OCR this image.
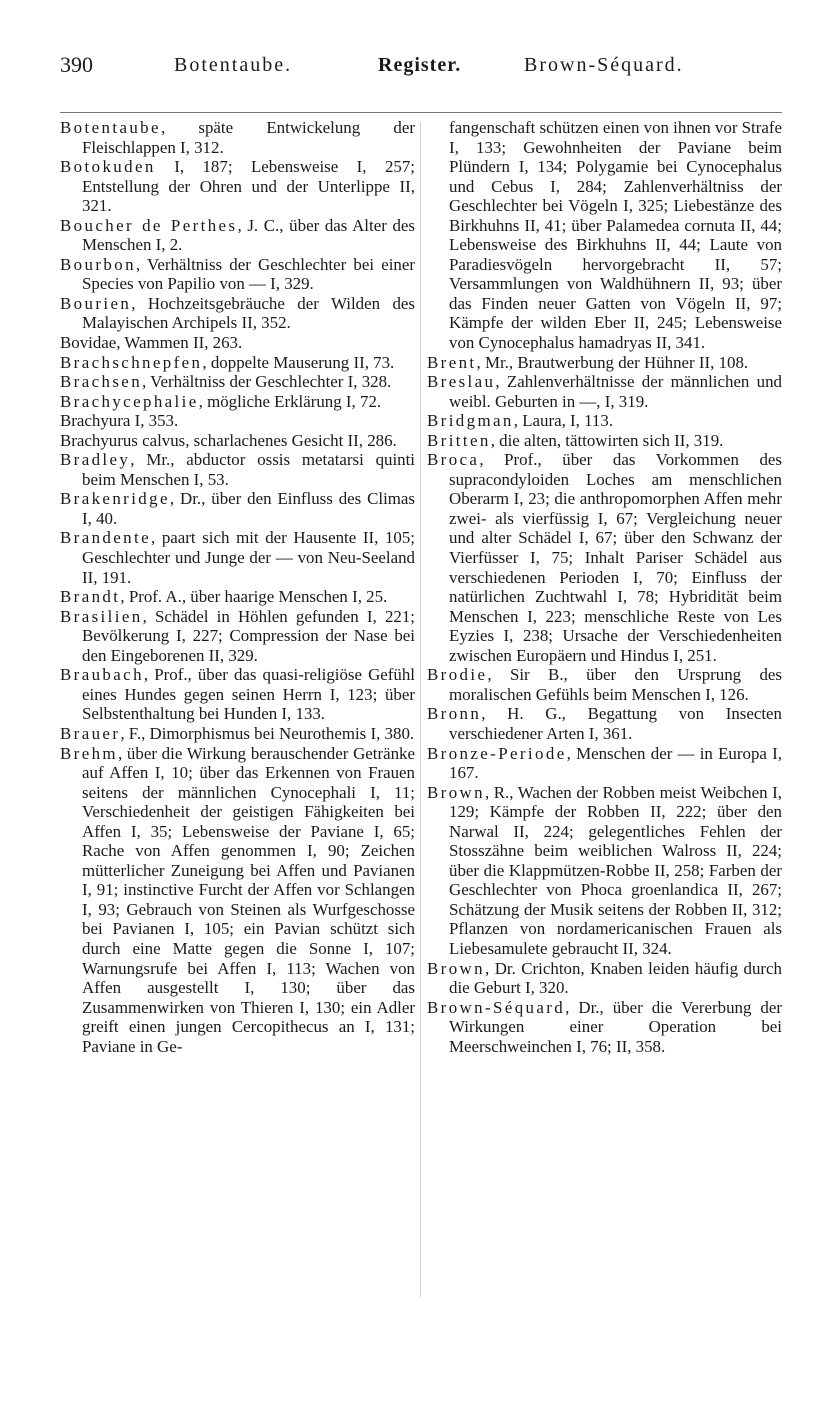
390	Botentaube.	Register.	Brown-Séquard.

Botentaube, späte Entwickelung der Fleischlappen I, 312.

Botokuden I, 187; Lebensweise I, 257; Entstellung der Ohren und der Unterlippe II, 321.

Boucher de Perthes, J. C., über das Alter des Menschen I, 2.

Bourbon, Verhältniss der Geschlechter bei einer Species von Papilio von — I, 329.

Bourien, Hochzeitsgebräuche der Wilden des Malayischen Archipels II, 352.

Bovidae, Wammen II, 263.

Brachschnepfen, doppelte Mauserung II, 73.

Brachsen, Verhältniss der Geschlechter I, 328.

Brachycephalie, mögliche Erklärung I, 72.

Brachyura I, 353.

Brachyurus calvus, scharlachenes Gesicht II, 286.

Bradley, Mr., abductor ossis metatarsi quinti beim Menschen I, 53.

Brakenridge, Dr., über den Einfluss des Climas I, 40.

Brandente, paart sich mit der Hausente II, 105; Geschlechter und Junge der — von Neu-Seeland II, 191.

Brandt, Prof. A., über haarige Menschen I, 25.

Brasilien, Schädel in Höhlen gefunden I, 221; Bevölkerung I, 227; Compression der Nase bei den Eingeborenen II, 329.

Braubach, Prof., über das quasi-religiöse Gefühl eines Hundes gegen seinen Herrn I, 123; über Selbstenthaltung bei Hunden I, 133.

Brauer, F., Dimorphismus bei Neurothemis I, 380.

Brehm, über die Wirkung berauschender Getränke auf Affen I, 10; über das Erkennen von Frauen seitens der männlichen Cynocephali I, 11; Verschiedenheit der geistigen Fähigkeiten bei Affen I, 35; Lebensweise der Paviane I, 65; Rache von Affen genommen I, 90; Zeichen mütterlicher Zuneigung bei Affen und Pavianen I, 91; instinctive Furcht der Affen vor Schlangen I, 93; Gebrauch von Steinen als Wurfgeschosse bei Pavianen I, 105; ein Pavian schützt sich durch eine Matte gegen die Sonne I, 107; Warnungsrufe bei Affen I, 113; Wachen von Affen ausgestellt I, 130; über das Zusammenwirken von Thieren I, 130; ein Adler greift einen jungen Cercopithecus an I, 131; Paviane in Ge-

fangenschaft schützen einen von ihnen vor Strafe I, 133; Gewohnheiten der Paviane beim Plündern I, 134; Polygamie bei Cynocephalus und Cebus I, 284; Zahlenverhältniss der Geschlechter bei Vögeln I, 325; Liebestänze des Birkhuhns II, 41; über Palamedea cornuta II, 44; Lebensweise des Birkhuhns II, 44; Laute von Paradiesvögeln hervorgebracht II, 57; Versammlungen von Waldhühnern II, 93; über das Finden neuer Gatten von Vögeln II, 97; Kämpfe der wilden Eber II, 245; Lebensweise von Cynocephalus hamadryas II, 341.

Brent, Mr., Brautwerbung der Hühner II, 108.

Breslau, Zahlenverhältnisse der männlichen und weibl. Geburten in —, I, 319.

Bridgman, Laura, I, 113.

Britten, die alten, tättowirten sich II, 319.

Broca, Prof., über das Vorkommen des supracondyloiden Loches am menschlichen Oberarm I, 23; die anthropomorphen Affen mehr zwei- als vierfüssig I, 67; Vergleichung neuer und alter Schädel I, 67; über den Schwanz der Vierfüsser I, 75; Inhalt Pariser Schädel aus verschiedenen Perioden I, 70; Einfluss der natürlichen Zuchtwahl I, 78; Hybridität beim Menschen I, 223; menschliche Reste von Les Eyzies I, 238; Ursache der Verschiedenheiten zwischen Europäern und Hindus I, 251.

Brodie, Sir B., über den Ursprung des moralischen Gefühls beim Menschen I, 126.

Bronn, H. G., Begattung von Insecten verschiedener Arten I, 361.

Bronze-Periode, Menschen der — in Europa I, 167.

Brown, R., Wachen der Robben meist Weibchen I, 129; Kämpfe der Robben II, 222; über den Narwal II, 224; gelegentliches Fehlen der Stosszähne beim weiblichen Walross II, 224; über die Klappmützen-Robbe II, 258; Farben der Geschlechter von Phoca groenlandica II, 267; Schätzung der Musik seitens der Robben II, 312; Pflanzen von nordamericanischen Frauen als Liebesamulete gebraucht II, 324.

Brown, Dr. Crichton, Knaben leiden häufig durch die Geburt I, 320.

Brown-Séquard, Dr., über die Vererbung der Wirkungen einer Operation bei Meerschweinchen I, 76; II, 358.
